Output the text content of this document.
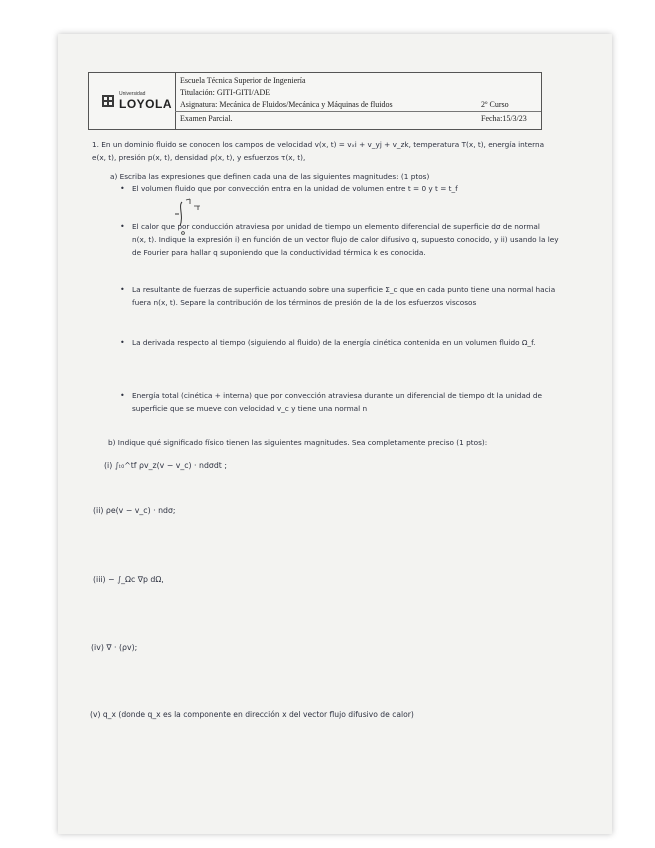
Universidad
LOYOLA
Escuela Técnica Superior de Ingeniería
Titulación: GITI-GITI/ADE
Asignatura: Mecánica de Fluidos/Mecánica y Máquinas de fluidos
Examen Parcial.
2º Curso
Fecha:15/3/23
1. En un dominio fluido se conocen los campos de velocidad v(x, t) = vₓi + v_yj + v_zk, temperatura T(x, t), energía interna
e(x, t), presión p(x, t), densidad ρ(x, t), y esfuerzos τ(x, t),
a) Escriba las expresiones que definen cada una de las siguientes magnitudes: (1 ptos)
• El volumen fluido que por convección entra en la unidad de volumen entre t = 0 y t = t_f
• El calor que por conducción atraviesa por unidad de tiempo un elemento diferencial de superficie dσ de normal
n(x, t). Indique la expresión i) en función de un vector flujo de calor difusivo q, supuesto conocido, y ii) usando la ley
de Fourier para hallar q suponiendo que la conductividad térmica k es conocida.
• La resultante de fuerzas de superficie actuando sobre una superficie Σ_c que en cada punto tiene una normal hacia
fuera n(x, t). Separe la contribución de los términos de presión de la de los esfuerzos viscosos
• La derivada respecto al tiempo (siguiendo al fluido) de la energía cinética contenida en un volumen fluido Ω_f.
• Energía total (cinética + interna) que por convección atraviesa durante un diferencial de tiempo dt la unidad de
superficie que se mueve con velocidad v_c y tiene una normal n
b) Indique qué significado físico tienen las siguientes magnitudes. Sea completamente preciso (1 ptos):
(i) ∫ₜ₀^tf ρv_z(v − v_c) · ndσdt ;
(ii) ρe(v − v_c) · ndσ;
(iii) − ∫_Ωc ∇p dΩ,
(iv) ∇ · (ρv);
(v) q_x (donde q_x es la componente en dirección x del vector flujo difusivo de calor)
